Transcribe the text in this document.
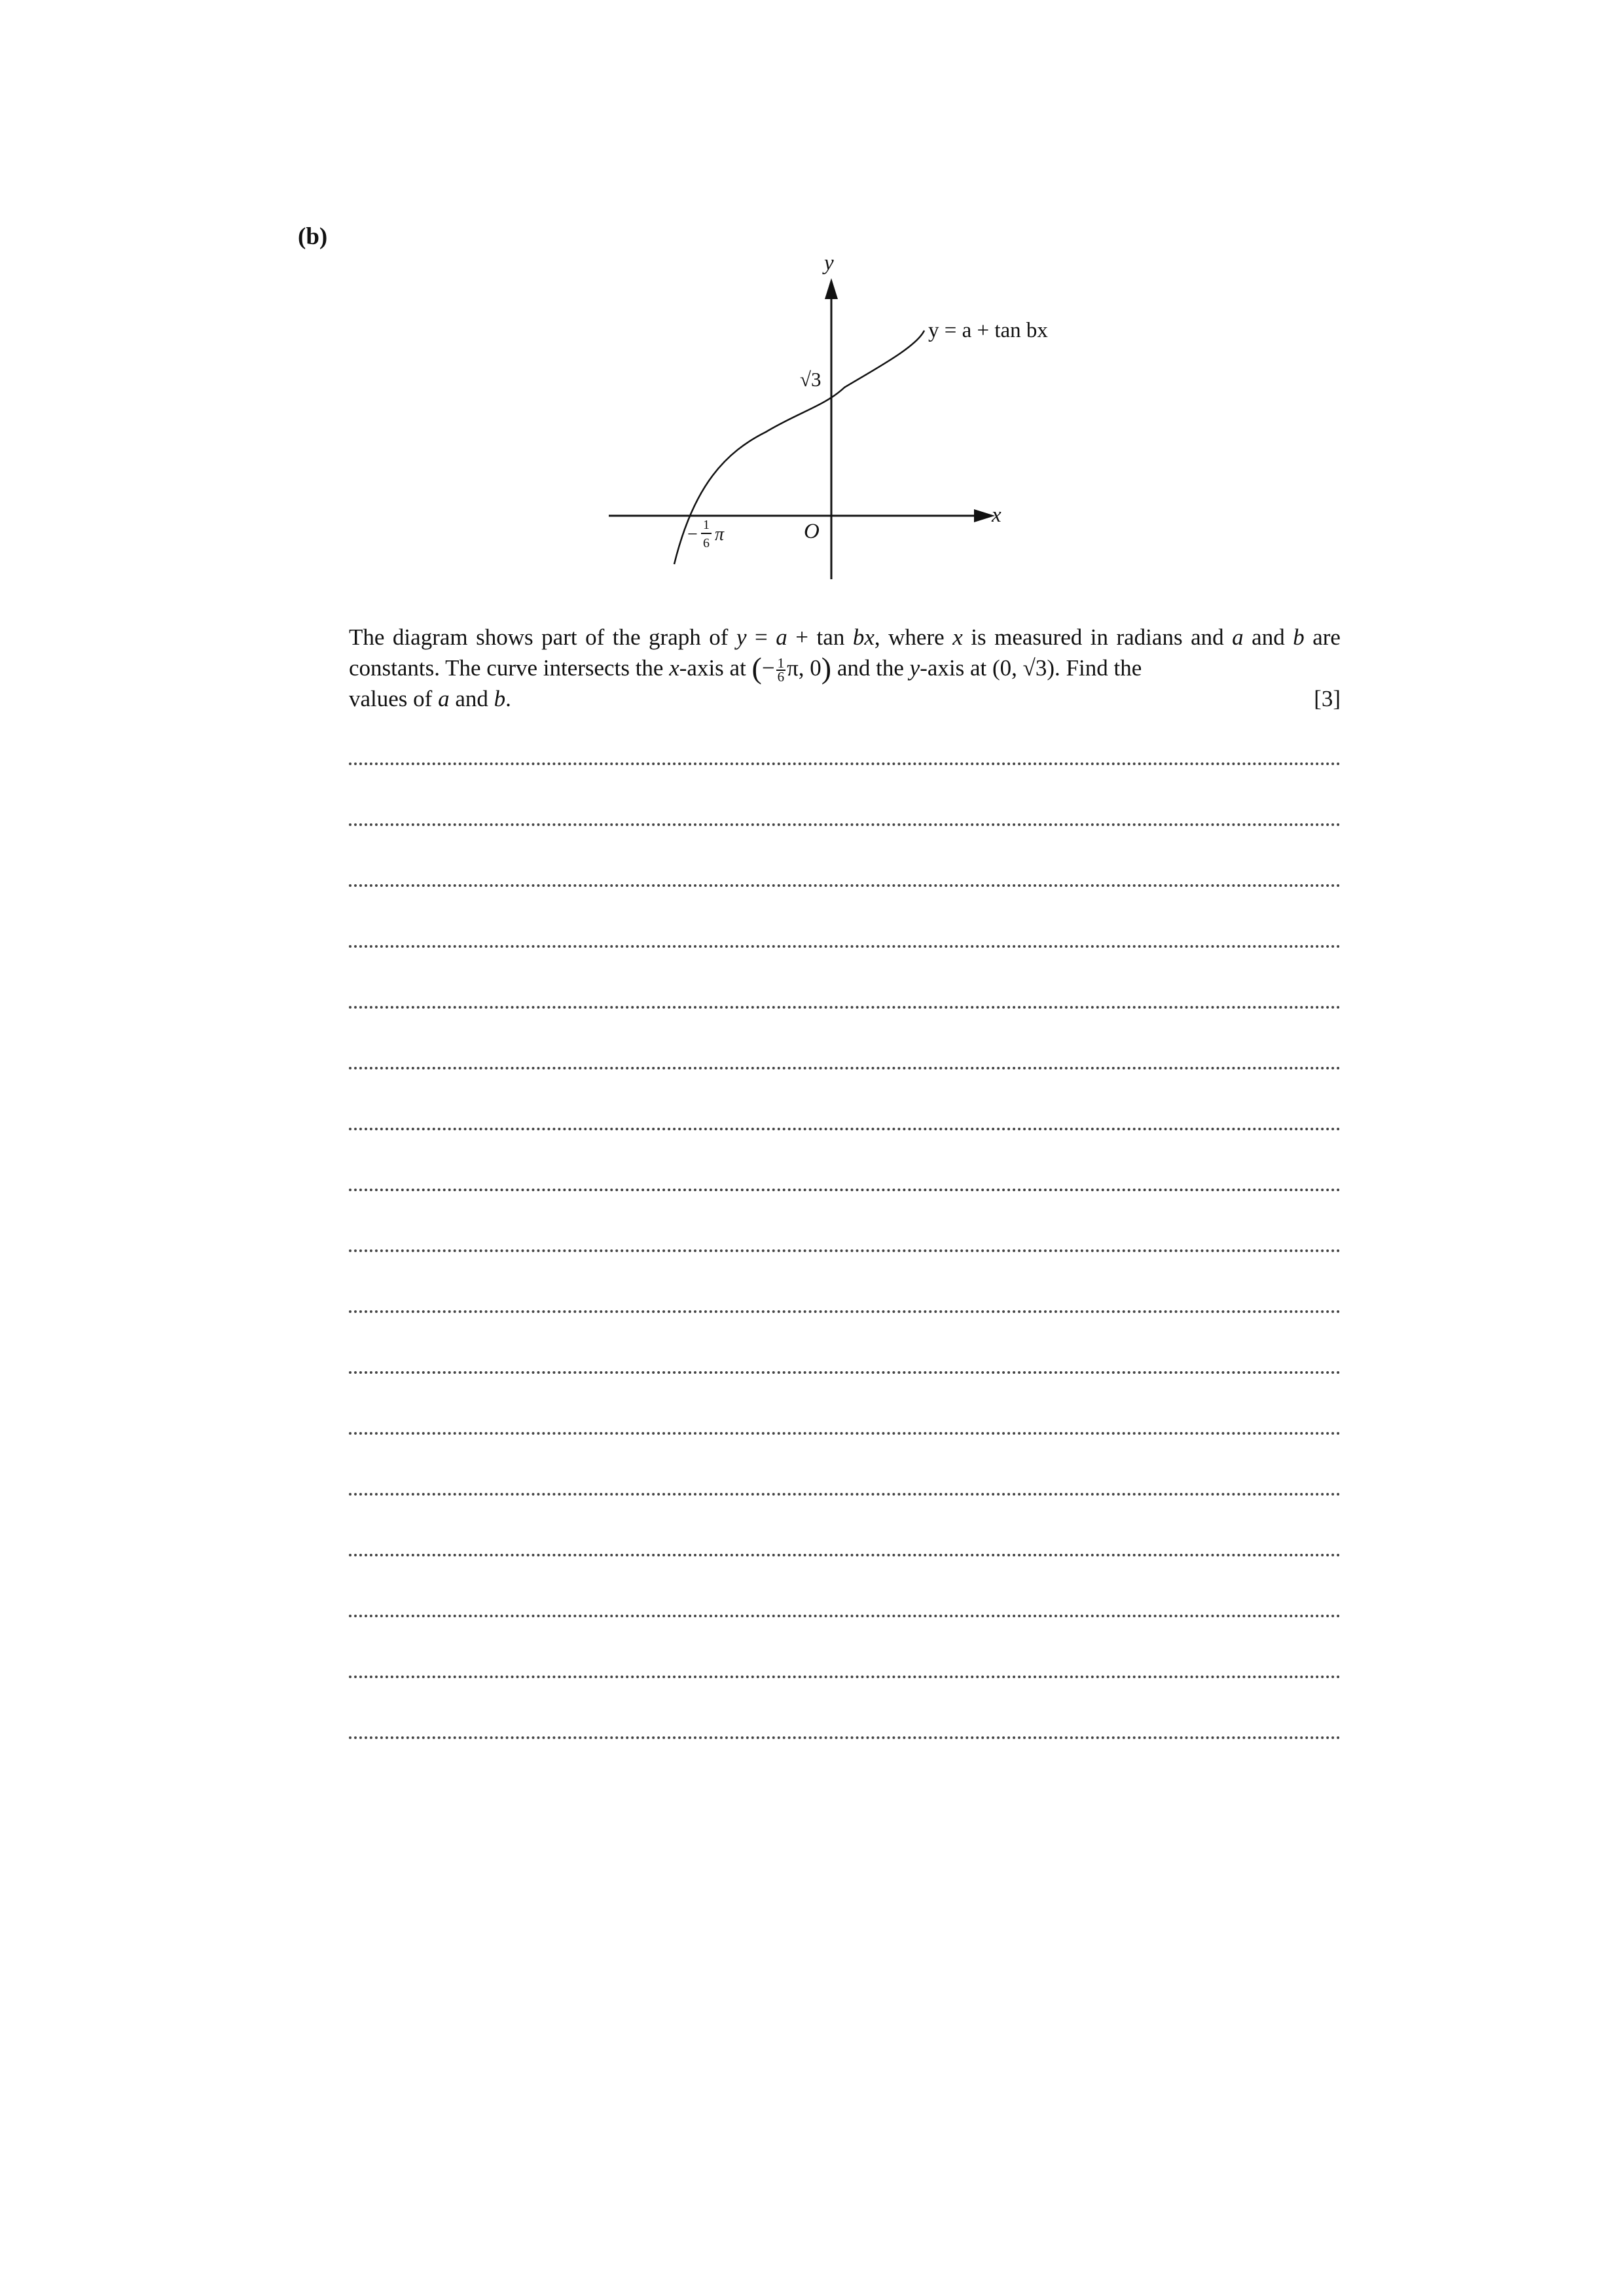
(b)
y
x
O
√3
y = a + tan bx
− 1
6 π
The diagram shows part of the graph of y = a + tan bx, where x is measured in radians and a and b are constants. The curve intersects the x-axis at (− $\frac{1}{6} \pi$, 0) and the y-axis at (0, √3). Find the
values of a and b.	[3]
